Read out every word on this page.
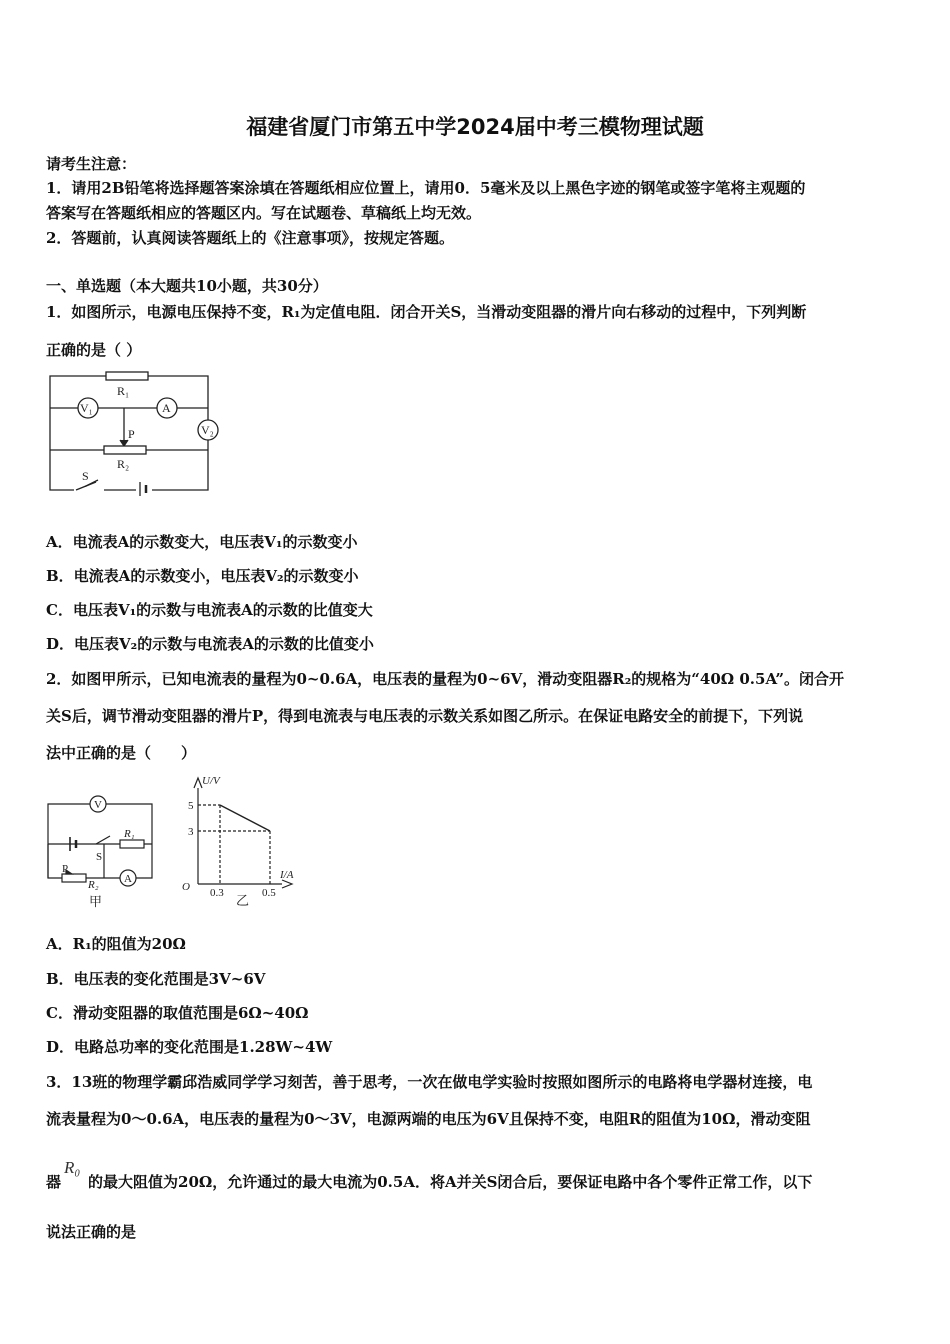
福建省厦门市第五中学2024届中考三模物理试题
请考生注意：
1．请用2B铅笔将选择题答案涂填在答题纸相应位置上，请用0．5毫米及以上黑色字迹的钢笔或签字笔将主观题的
答案写在答题纸相应的答题区内。写在试题卷、草稿纸上均无效。
2．答题前，认真阅读答题纸上的《注意事项》，按规定答题。
一、单选题（本大题共10小题，共30分）
1．如图所示，电源电压保持不变，R₁为定值电阻．闭合开关S，当滑动变阻器的滑片向右移动的过程中，下列判断
正确的是（ ）
R₁
V₁	A
P
R₂
V₂
S
A．电流表A的示数变大，电压表V₁的示数变小
B．电流表A的示数变小，电压表V₂的示数变小
C．电压表V₁的示数与电流表A的示数的比值变大
D．电压表V₂的示数与电流表A的示数的比值变小
2．如图甲所示，已知电流表的量程为0~0.6A，电压表的量程为0~6V，滑动变阻器R₂的规格为“40Ω 0.5A”。闭合开
关S后，调节滑动变阻器的滑片P，得到电流表与电压表的示数关系如图乙所示。在保证电路安全的前提下，下列说
法中正确的是（　　）
V
R₁
S
P
R₂ A
甲
U/V
I/A
O
5
3
0.3	0.5
乙
A．R₁的阻值为20Ω
B．电压表的变化范围是3V~6V
C．滑动变阻器的取值范围是6Ω~40Ω
D．电路总功率的变化范围是1.28W~4W
3．13班的物理学霸邱浩威同学学习刻苦，善于思考，一次在做电学实验时按照如图所示的电路将电学器材连接，电
流表量程为0～0.6A，电压表的量程为0～3V，电源两端的电压为6V且保持不变，电阻R的阻值为10Ω，滑动变阻
器
R₀
的最大阻值为20Ω，允许通过的最大电流为0.5A．将A并关S闭合后，要保证电路中各个零件正常工作，以下
说法正确的是
